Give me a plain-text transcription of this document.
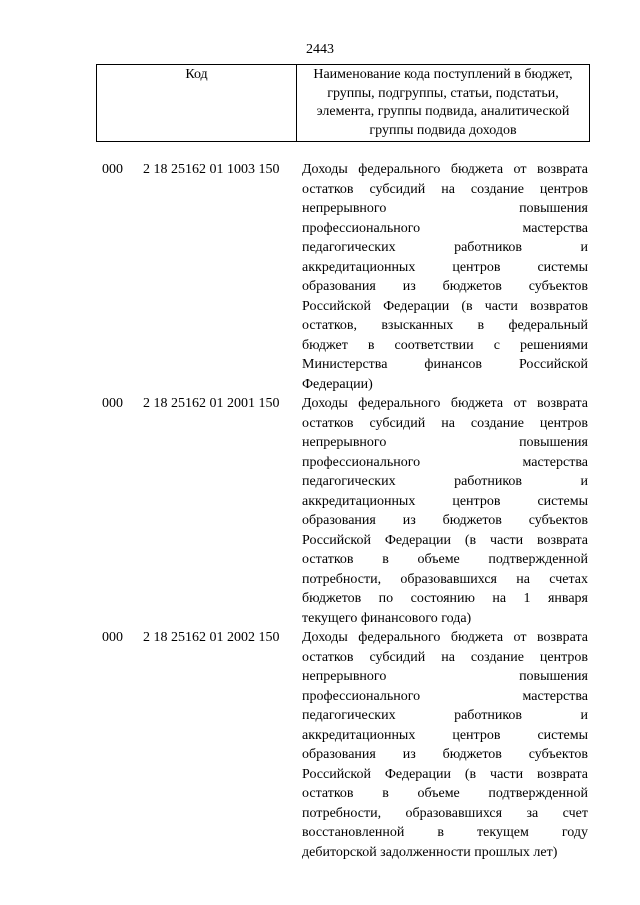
2443
Код	Наименование кода поступлений в бюджет,
группы, подгруппы, статьи, подстатьи,
элемента, группы подвида, аналитической
группы подвида доходов
000 2 18 25162 01 1003 150 Доходы федерального бюджета от возврата
остатков субсидий на создание центров
непрерывного повышения
профессионального мастерства
педагогических работников и
аккредитационных центров системы
образования из бюджетов субъектов
Российской Федерации (в части возвратов
остатков, взысканных в федеральный
бюджет в соответствии с решениями
Министерства финансов Российской
Федерации)
000 2 18 25162 01 2001 150 Доходы федерального бюджета от возврата
остатков субсидий на создание центров
непрерывного повышения
профессионального мастерства
педагогических работников и
аккредитационных центров системы
образования из бюджетов субъектов
Российской Федерации (в части возврата
остатков в объеме подтвержденной
потребности, образовавшихся на счетах
бюджетов по состоянию на 1 января
текущего финансового года)
000 2 18 25162 01 2002 150 Доходы федерального бюджета от возврата
остатков субсидий на создание центров
непрерывного повышения
профессионального мастерства
педагогических работников и
аккредитационных центров системы
образования из бюджетов субъектов
Российской Федерации (в части возврата
остатков в объеме подтвержденной
потребности, образовавшихся за счет
восстановленной в текущем году
дебиторской задолженности прошлых лет)
